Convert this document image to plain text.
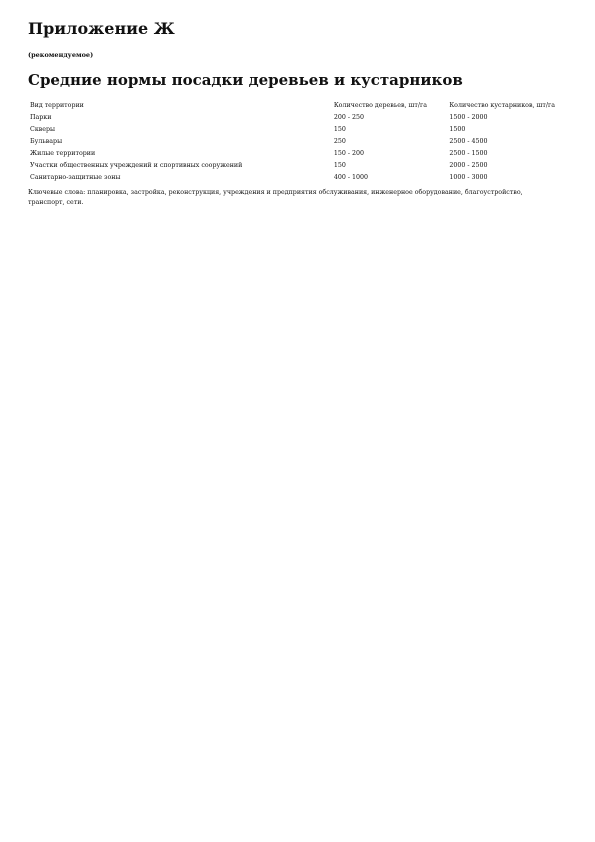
Приложение Ж

(рекомендуемое)

Средние нормы посадки деревьев и кустарников
Вид территории	Количество деревьев, шт/га	Количество кустарников, шт/га
Парки	200 - 250	1500 - 2000
Скверы	150	1500
Бульвары	250	2500 - 4500
Жилые территории	150 - 200	2500 - 1500
Участки общественных учреждений и спортивных сооружений	150	2000 - 2500
Санитарно-защитные зоны	400 - 1000	1000 - 3000

Ключевые слова: планировка, застройка, реконструкция, учреждения и предприятия обслуживания, инженерное оборудование, благоустройство, транспорт, сети.
